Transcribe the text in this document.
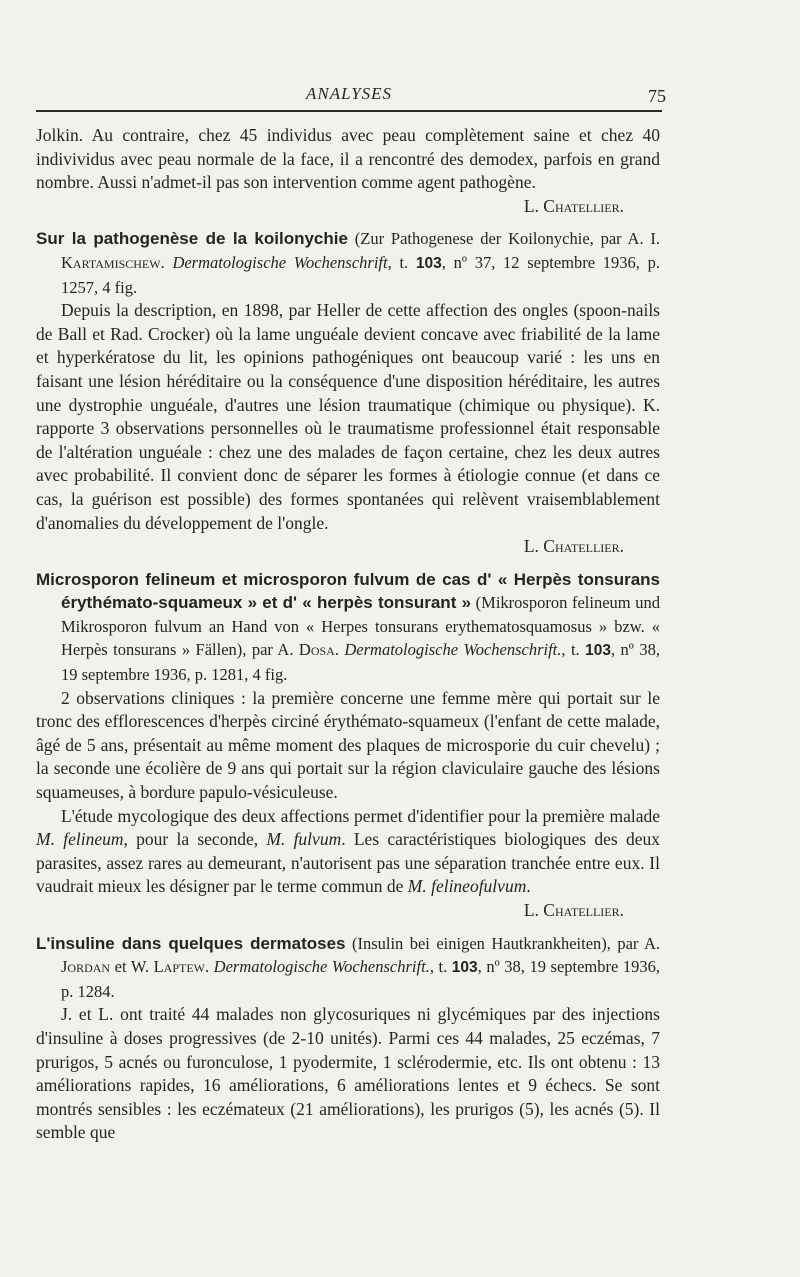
ANALYSES	75

Jolkin. Au contraire, chez 45 individus avec peau complètement saine et chez 40 indivividus avec peau normale de la face, il a rencontré des demodex, parfois en grand nombre. Aussi n'admet-il pas son intervention comme agent pathogène.
L. Chatellier.

Sur la pathogenèse de la koilonychie (Zur Pathogenese der Koilonychie, par A. I. Kartamischew. Dermatologische Wochenschrift, t. 103, nº 37, 12 septembre 1936, p. 1257, 4 fig.

Depuis la description, en 1898, par Heller de cette affection des ongles (spoon-nails de Ball et Rad. Crocker) où la lame unguéale devient concave avec friabilité de la lame et hyperkératose du lit, les opinions pathogéniques ont beaucoup varié : les uns en faisant une lésion héréditaire ou la conséquence d'une disposition héréditaire, les autres une dystrophie unguéale, d'autres une lésion traumatique (chimique ou physique). K. rapporte 3 observations personnelles où le traumatisme professionnel était responsable de l'altération unguéale : chez une des malades de façon certaine, chez les deux autres avec probabilité. Il convient donc de séparer les formes à étiologie connue (et dans ce cas, la guérison est possible) des formes spontanées qui relèvent vraisemblablement d'anomalies du développement de l'ongle.
L. Chatellier.

Microsporon felineum et microsporon fulvum de cas d' « Herpès tonsurans érythémato-squameux » et d' « herpès tonsurant » (Mikrosporon felineum und Mikrosporon fulvum an Hand von « Herpes tonsurans erythematosquamosus » bzw. « Herpès tonsurans » Fällen), par A. Dosa. Dermatologische Wochenschrift., t. 103, nº 38, 19 septembre 1936, p. 1281, 4 fig.

2 observations cliniques : la première concerne une femme mère qui portait sur le tronc des efflorescences d'herpès circiné érythémato-squameux (l'enfant de cette malade, âgé de 5 ans, présentait au même moment des plaques de microsporie du cuir chevelu) ; la seconde une écolière de 9 ans qui portait sur la région claviculaire gauche des lésions squameuses, à bordure papulo-vésiculeuse.

L'étude mycologique des deux affections permet d'identifier pour la première malade M. felineum, pour la seconde, M. fulvum. Les caractéristiques biologiques des deux parasites, assez rares au demeurant, n'autorisent pas une séparation tranchée entre eux. Il vaudrait mieux les désigner par le terme commun de M. felineofulvum.
L. Chatellier.

L'insuline dans quelques dermatoses (Insulin bei einigen Hautkrankheiten), par A. Jordan et W. Laptew. Dermatologische Wochenschrift., t. 103, nº 38, 19 septembre 1936, p. 1284.

J. et L. ont traité 44 malades non glycosuriques ni glycémiques par des injections d'insuline à doses progressives (de 2-10 unités). Parmi ces 44 malades, 25 eczémas, 7 prurigos, 5 acnés ou furonculose, 1 pyodermite, 1 sclérodermie, etc. Ils ont obtenu : 13 améliorations rapides, 16 améliorations, 6 améliorations lentes et 9 échecs. Se sont montrés sensibles : les eczémateux (21 améliorations), les prurigos (5), les acnés (5). Il semble que
